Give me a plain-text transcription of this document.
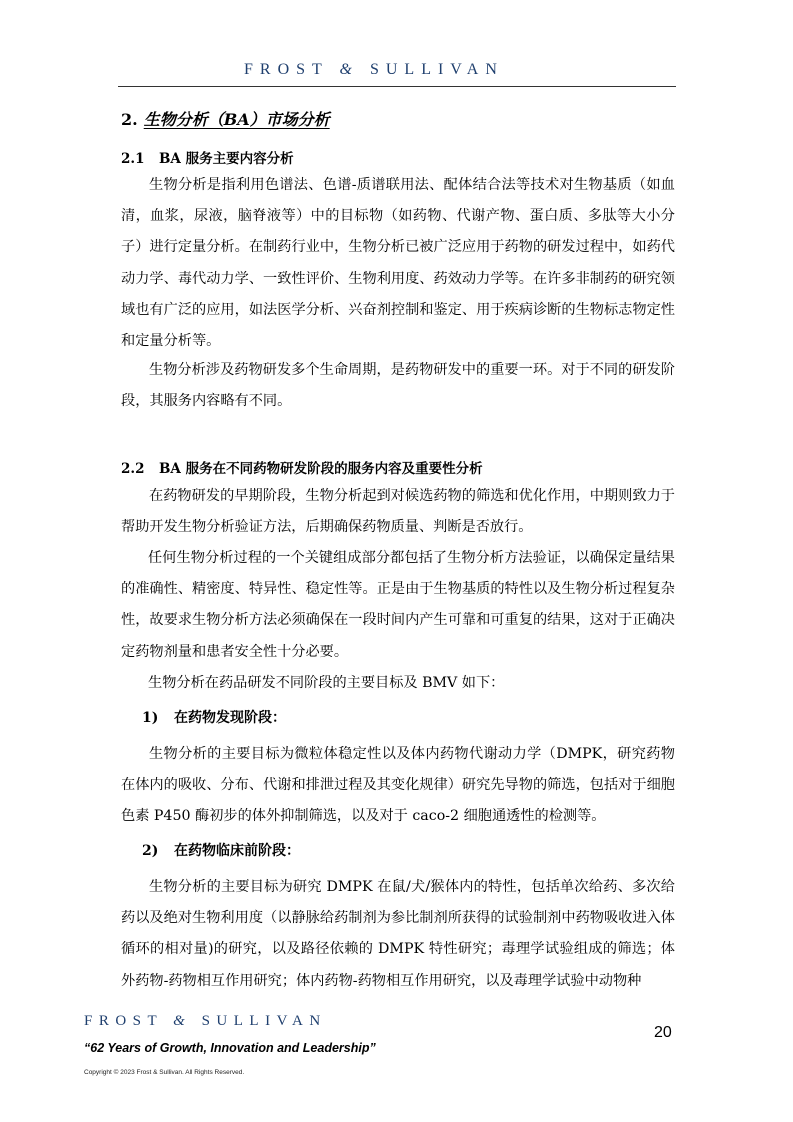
FROST & SULLIVAN
2. 生物分析（BA）市场分析
2.1 BA 服务主要内容分析

生物分析是指利用色谱法、色谱-质谱联用法、配体结合法等技术对生物基质（如血清，血浆，尿液，脑脊液等）中的目标物（如药物、代谢产物、蛋白质、多肽等大小分子）进行定量分析。在制药行业中，生物分析已被广泛应用于药物的研发过程中，如药代动力学、毒代动力学、一致性评价、生物利用度、药效动力学等。在许多非制药的研究领域也有广泛的应用，如法医学分析、兴奋剂控制和鉴定、用于疾病诊断的生物标志物定性和定量分析等。

生物分析涉及药物研发多个生命周期，是药物研发中的重要一环。对于不同的研发阶段，其服务内容略有不同。

2.2 BA 服务在不同药物研发阶段的服务内容及重要性分析

在药物研发的早期阶段，生物分析起到对候选药物的筛选和优化作用，中期则致力于帮助开发生物分析验证方法，后期确保药物质量、判断是否放行。

任何生物分析过程的一个关键组成部分都包括了生物分析方法验证，以确保定量结果的准确性、精密度、特异性、稳定性等。正是由于生物基质的特性以及生物分析过程复杂性，故要求生物分析方法必须确保在一段时间内产生可靠和可重复的结果，这对于正确决定药物剂量和患者安全性十分必要。

生物分析在药品研发不同阶段的主要目标及 BMV 如下：

1) 在药物发现阶段：

生物分析的主要目标为微粒体稳定性以及体内药物代谢动力学（DMPK，研究药物在体内的吸收、分布、代谢和排泄过程及其变化规律）研究先导物的筛选，包括对于细胞色素 P450 酶初步的体外抑制筛选，以及对于 caco-2 细胞通透性的检测等。

2) 在药物临床前阶段：

生物分析的主要目标为研究 DMPK 在鼠/犬/猴体内的特性，包括单次给药、多次给药以及绝对生物利用度（以静脉给药制剂为参比制剂所获得的试验制剂中药物吸收进入体循环的相对量)的研究，以及路径依赖的 DMPK 特性研究；毒理学试验组成的筛选；体外药物-药物相互作用研究；体内药物-药物相互作用研究，以及毒理学试验中动物种

FROST & SULLIVAN
20
“62 Years of Growth, Innovation and Leadership”
Copyright © 2023 Frost & Sullivan. All Rights Reserved.
